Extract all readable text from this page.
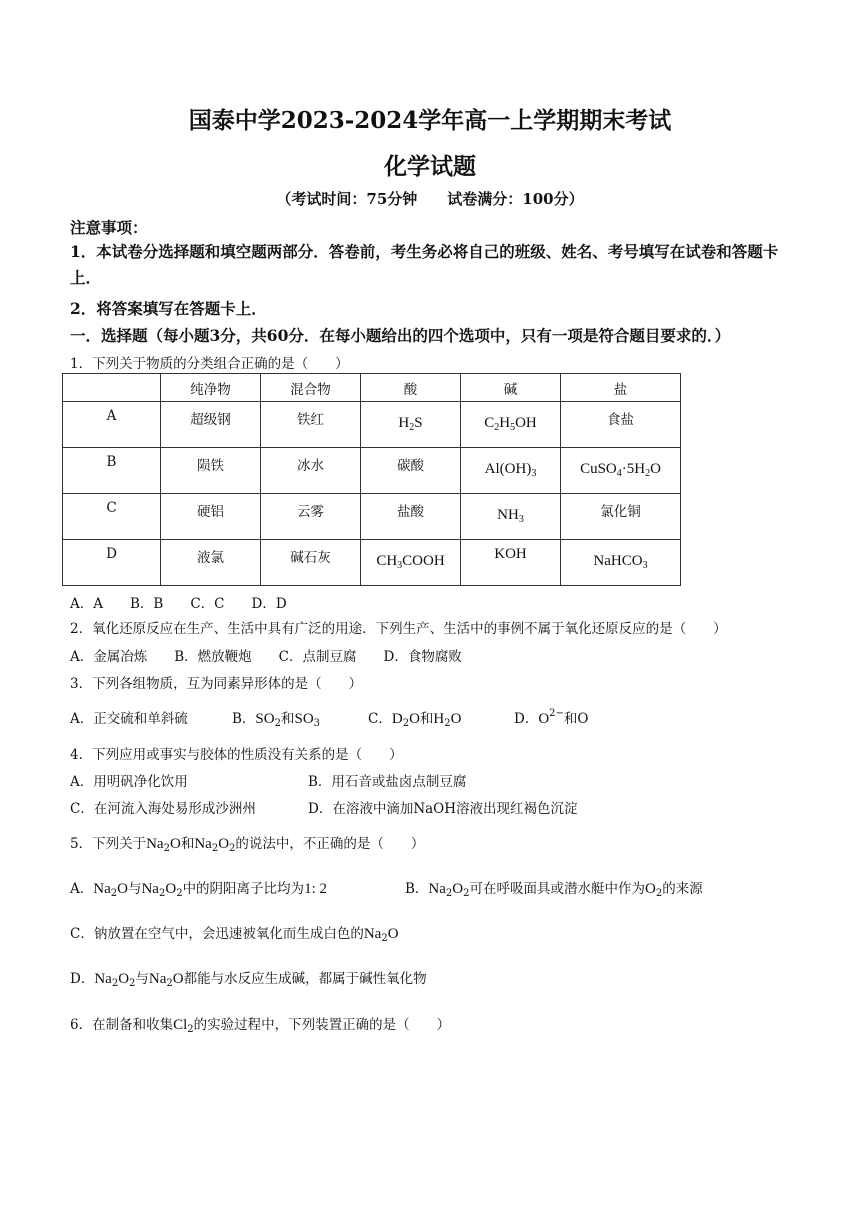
国泰中学2023-2024学年高一上学期期末考试
化学试题
（考试时间：75分钟　　试卷满分：100分）
注意事项：
1．本试卷分选择题和填空题两部分．答卷前，考生务必将自己的班级、姓名、考号填写在试卷和答题卡上．
2．将答案填写在答题卡上．
一．选择题（每小题3分，共60分．在每小题给出的四个选项中，只有一项是符合题目要求的．）
1．下列关于物质的分类组合正确的是（　　）
	纯净物	混合物	酸	碱	盐

A	超级钢	铁红	$H_2S$	$C_2H_5OH$	食盐

B	陨铁	冰水	碳酸	$Al(OH)_3$	$CuSO_4\cdot 5H_2O$

C	硬铝	云雾	盐酸	$NH_3$	氯化铜

D	液氯	碱石灰	$CH_3COOH$	KOH	NaHCO$_3$
A．A　　B．B　　C．C　　D．D
2．氧化还原反应在生产、生活中具有广泛的用途．下列生产、生活中的事例不属于氧化还原反应的是（　　）
A．金属冶炼　　B．燃放鞭炮　　C．点制豆腐　　D．食物腐败
3．下列各组物质，互为同素异形体的是（　　）
A．正交硫和单斜硫	B．$SO_2$和$SO_3$	C．$D_2O$和$H_2O$	D．$O^{2-}$和O
4．下列应用或事实与胶体的性质没有关系的是（　　）
A．用明矾净化饮用	B．用石音或盐卤点制豆腐
C．在河流入海处易形成沙洲州	D．在溶液中滴加NaOH溶液出现红褐色沉淀
5．下列关于$Na_2O$和$Na_2O_2$的说法中，不正确的是（　　）
A．$Na_2O$与$Na_2O_2$中的阴阳离子比均为1: 2	B．$Na_2O_2$可在呼吸面具或潜水艇中作为$O_2$的来源
C．钠放置在空气中，会迅速被氧化而生成白色的$Na_2O$
D．$Na_2O_2$与$Na_2O$都能与水反应生成碱，都属于碱性氧化物
6．在制备和收集$Cl_2$的实验过程中，下列装置正确的是（　　）
